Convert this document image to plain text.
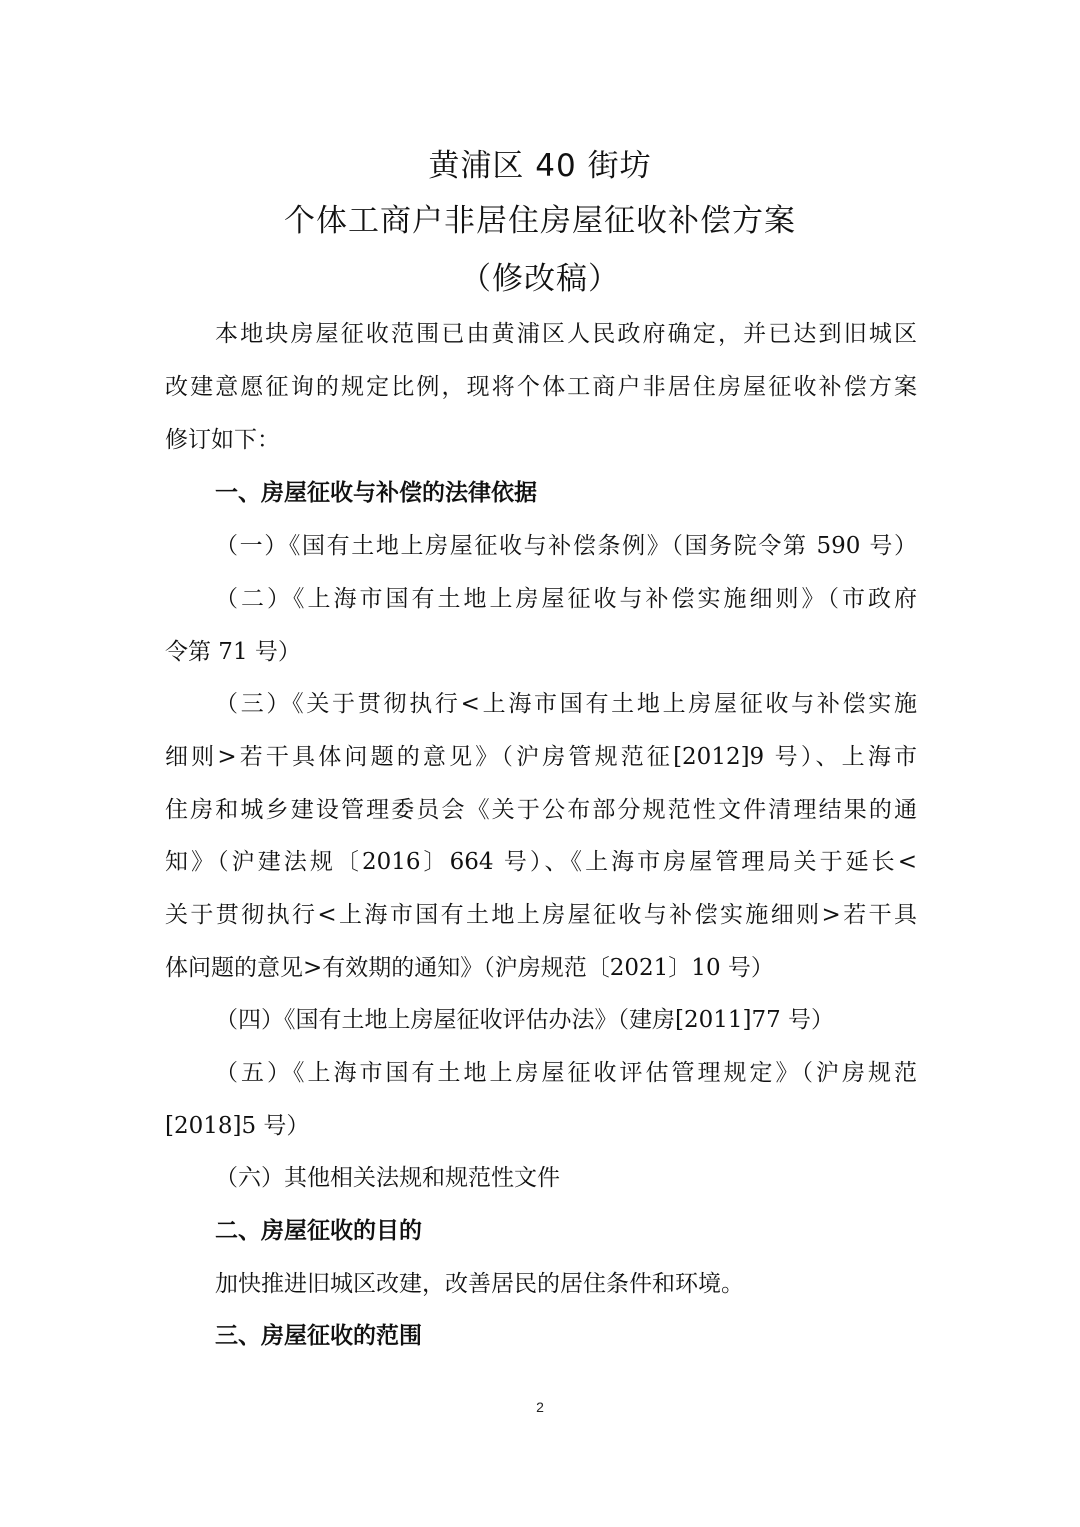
黄浦区 40 街坊
个体工商户非居住房屋征收补偿方案
（修改稿）
本地块房屋征收范围已由黄浦区人民政府确定，并已达到旧城区
改建意愿征询的规定比例，现将个体工商户非居住房屋征收补偿方案
修订如下：
一、房屋征收与补偿的法律依据
（一）《国有土地上房屋征收与补偿条例》（国务院令第 590 号）
（二）《上海市国有土地上房屋征收与补偿实施细则》（市政府
令第 71 号）
（三）《关于贯彻执行<上海市国有土地上房屋征收与补偿实施
细则>若干具体问题的意见》（沪房管规范征[2012]9 号）、上海市
住房和城乡建设管理委员会《关于公布部分规范性文件清理结果的通
知》（沪建法规〔2016〕664 号）、《上海市房屋管理局关于延长<
关于贯彻执行<上海市国有土地上房屋征收与补偿实施细则>若干具
体问题的意见>有效期的通知》（沪房规范〔2021〕10 号）
（四）《国有土地上房屋征收评估办法》（建房[2011]77 号）
（五）《上海市国有土地上房屋征收评估管理规定》（沪房规范
[2018]5 号）
（六）其他相关法规和规范性文件
二、房屋征收的目的
加快推进旧城区改建，改善居民的居住条件和环境。
三、房屋征收的范围
2
